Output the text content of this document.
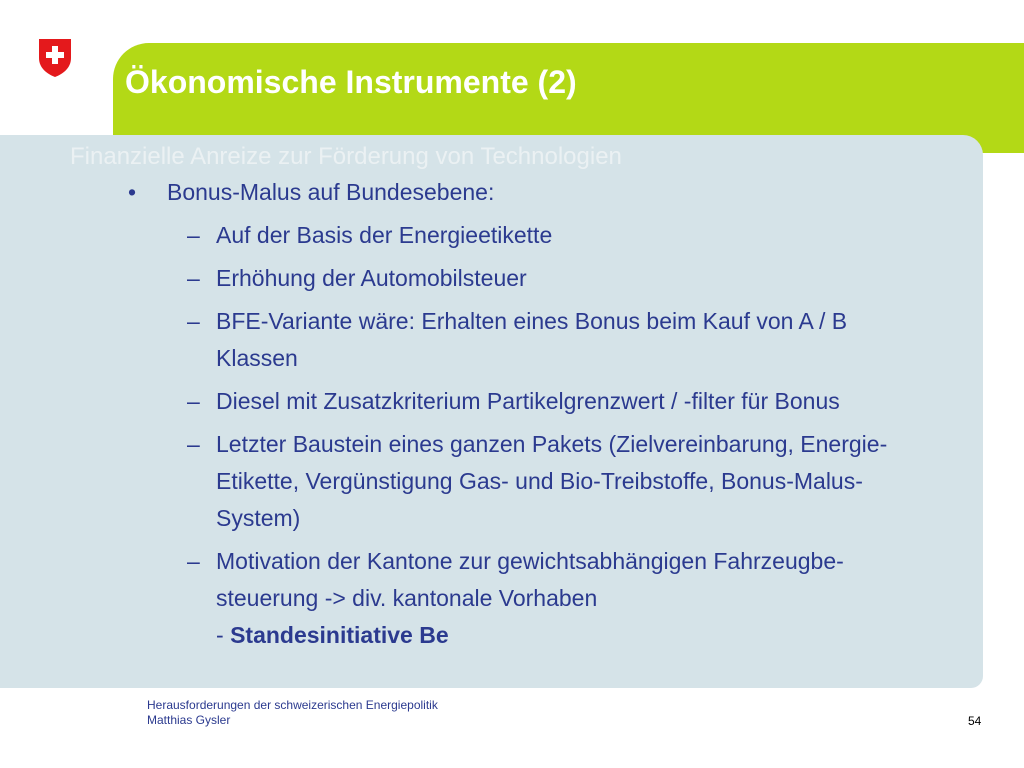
Ökonomische Instrumente (2)
Finanzielle Anreize zur Förderung von Technologien
• Bonus-Malus auf Bundesebene:
– Auf der Basis der Energieetikette
– Erhöhung der Automobilsteuer
– BFE-Variante wäre: Erhalten eines Bonus beim Kauf von A / B
Klassen
– Diesel mit Zusatzkriterium Partikelgrenzwert / -filter für Bonus
– Letzter Baustein eines ganzen Pakets (Zielvereinbarung, Energie-
Etikette, Vergünstigung Gas- und Bio-Treibstoffe, Bonus-Malus-
System)
– Motivation der Kantone zur gewichtsabhängigen Fahrzeugbe-
steuerung -> div. kantonale Vorhaben
- Standesinitiative Be
Herausforderungen der schweizerischen Energiepolitik
Matthias Gysler	54
